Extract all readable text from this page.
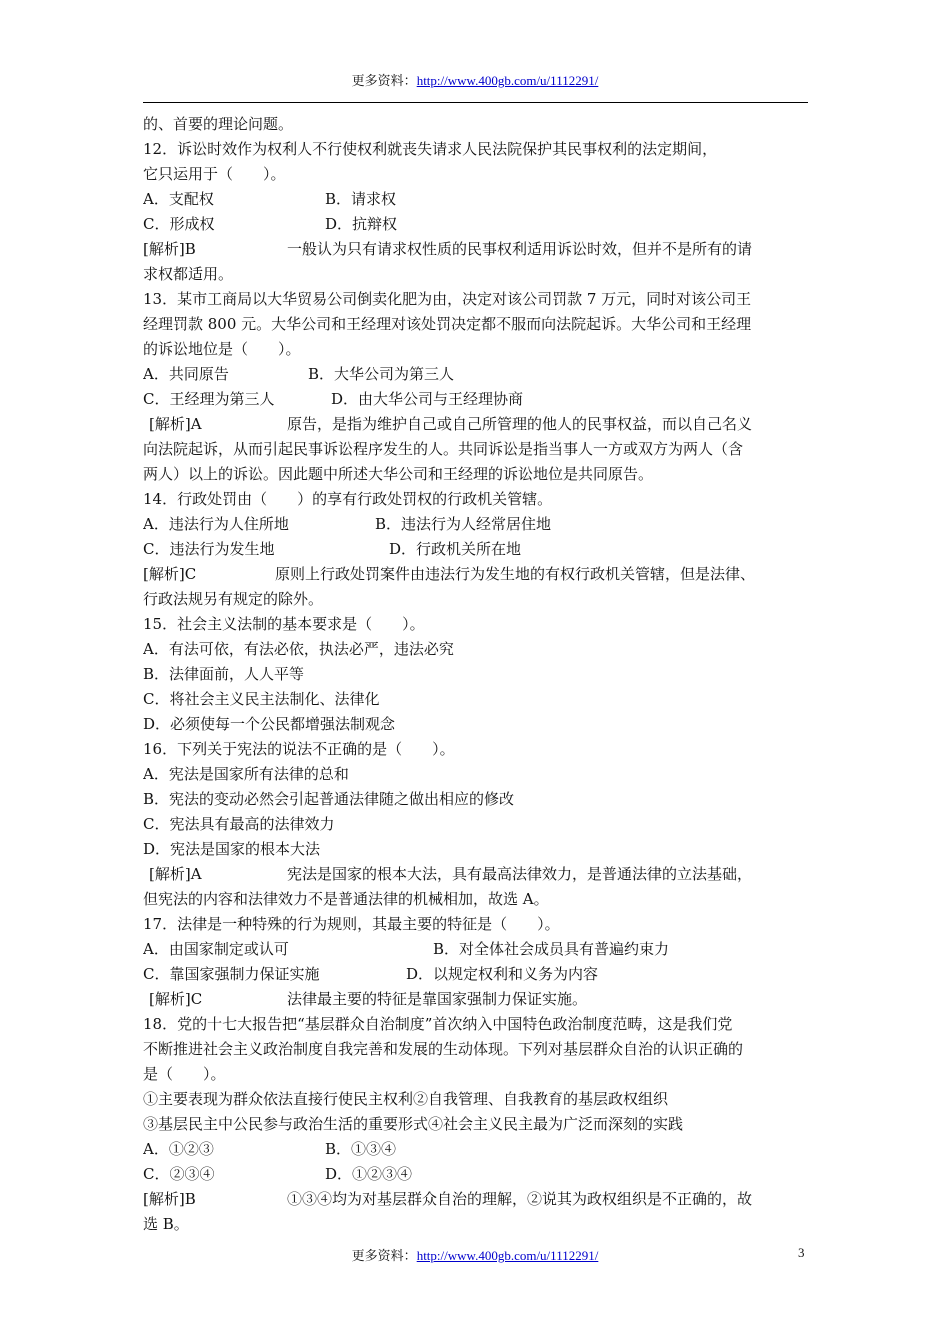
更多资料：http://www.400gb.com/u/1112291/
的、首要的理论问题。
12．诉讼时效作为权利人不行使权利就丧失请求人民法院保护其民事权利的法定期间，
它只运用于（　　）。
A．支配权	B．请求权
C．形成权	D．抗辩权
[解析]B	一般认为只有请求权性质的民事权利适用诉讼时效，但并不是所有的请
求权都适用。
13．某市工商局以大华贸易公司倒卖化肥为由，决定对该公司罚款 7 万元，同时对该公司王
经理罚款 800 元。大华公司和王经理对该处罚决定都不服而向法院起诉。大华公司和王经理
的诉讼地位是（　　）。
A．共同原告	B．大华公司为第三人
C．王经理为第三人	D．由大华公司与王经理协商
[解析]A	原告，是指为维护自己或自己所管理的他人的民事权益，而以自己名义
向法院起诉，从而引起民事诉讼程序发生的人。共同诉讼是指当事人一方或双方为两人（含
两人）以上的诉讼。因此题中所述大华公司和王经理的诉讼地位是共同原告。
14．行政处罚由（　　）的享有行政处罚权的行政机关管辖。
A．违法行为人住所地	B．违法行为人经常居住地
C．违法行为发生地	D．行政机关所在地
[解析]C	原则上行政处罚案件由违法行为发生地的有权行政机关管辖，但是法律、
行政法规另有规定的除外。
15．社会主义法制的基本要求是（　　）。
A．有法可依，有法必依，执法必严，违法必究
B．法律面前，人人平等
C．将社会主义民主法制化、法律化
D．必须使每一个公民都增强法制观念
16．下列关于宪法的说法不正确的是（　　）。
A．宪法是国家所有法律的总和
B．宪法的变动必然会引起普通法律随之做出相应的修改
C．宪法具有最高的法律效力
D．宪法是国家的根本大法
[解析]A	宪法是国家的根本大法，具有最高法律效力，是普通法律的立法基础，
但宪法的内容和法律效力不是普通法律的机械相加，故选 A。
17．法律是一种特殊的行为规则，其最主要的特征是（　　）。
A．由国家制定或认可	B．对全体社会成员具有普遍约束力
C．靠国家强制力保证实施	D．以规定权利和义务为内容
[解析]C	法律最主要的特征是靠国家强制力保证实施。
18．党的十七大报告把“基层群众自治制度”首次纳入中国特色政治制度范畴，这是我们党
不断推进社会主义政治制度自我完善和发展的生动体现。下列对基层群众自治的认识正确的
是（　　）。
①主要表现为群众依法直接行使民主权利②自我管理、自我教育的基层政权组织
③基层民主中公民参与政治生活的重要形式④社会主义民主最为广泛而深刻的实践
A．①②③	B．①③④
C．②③④	D．①②③④
[解析]B	①③④均为对基层群众自治的理解，②说其为政权组织是不正确的，故
选 B。
更多资料：http://www.400gb.com/u/1112291/	3
